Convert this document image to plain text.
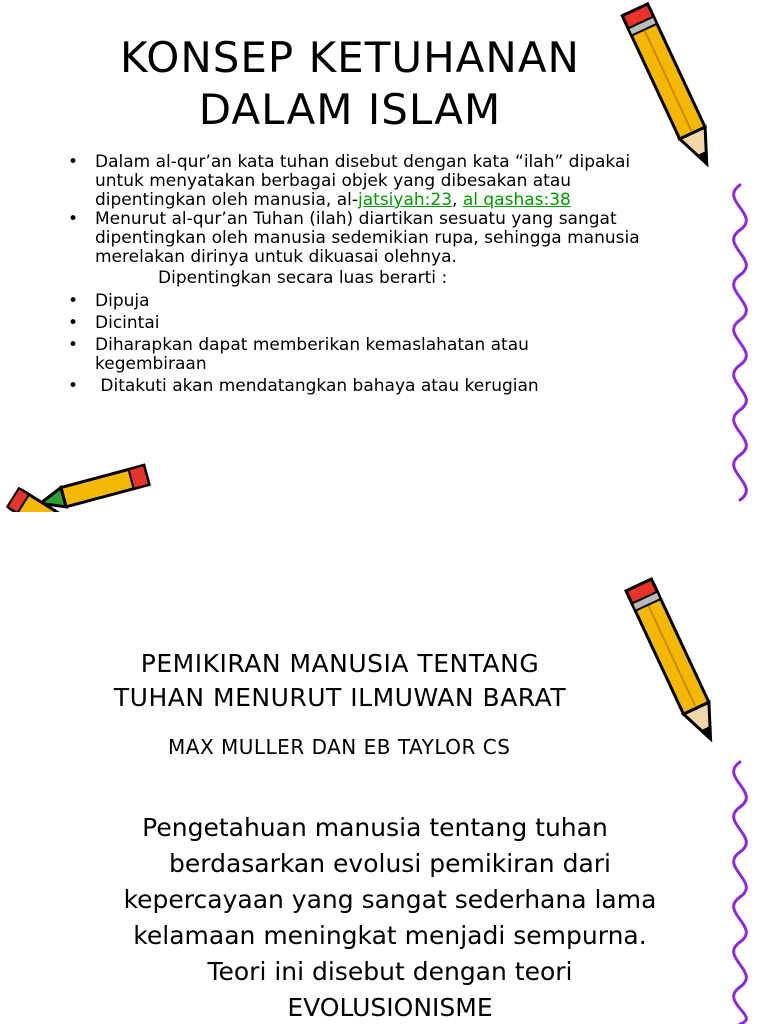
KONSEP KETUHANAN
DALAM ISLAM
• Dalam al-qur’an kata tuhan disebut dengan kata “ilah” dipakai
untuk menyatakan berbagai objek yang dibesakan atau
dipentingkan oleh manusia, al-jatsiyah:23, al qashas:38
• Menurut al-qur’an Tuhan (ilah) diartikan sesuatu yang sangat
dipentingkan oleh manusia sedemikian rupa, sehingga manusia
merelakan dirinya untuk dikuasai olehnya.
Dipentingkan secara luas berarti :
• Dipuja
• Dicintai
• Diharapkan dapat memberikan kemaslahatan atau
kegembiraan
•  Ditakuti akan mendatangkan bahaya atau kerugian
PEMIKIRAN MANUSIA TENTANG
TUHAN MENURUT ILMUWAN BARAT
MAX MULLER DAN EB TAYLOR CS
Pengetahuan manusia tentang tuhan
berdasarkan evolusi pemikiran dari
kepercayaan yang sangat sederhana lama
kelamaan meningkat menjadi sempurna.
Teori ini disebut dengan teori
EVOLUSIONISME
